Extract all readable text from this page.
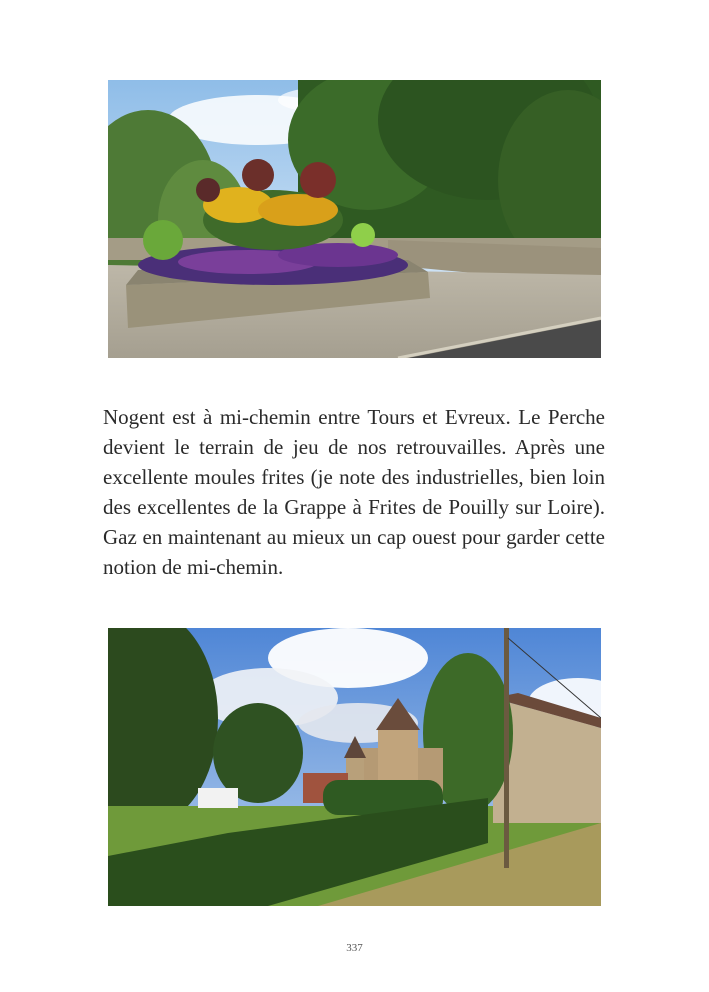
Nogent est à mi-chemin entre Tours et Evreux. Le Perche devient le terrain de jeu de nos retrouvailles. Après une excellente moules frites (je note des industrielles, bien loin des excellentes de la Grappe à Frites de Pouilly sur Loire). Gaz en maintenant au mieux un cap ouest pour garder cette notion de mi-chemin.
337
